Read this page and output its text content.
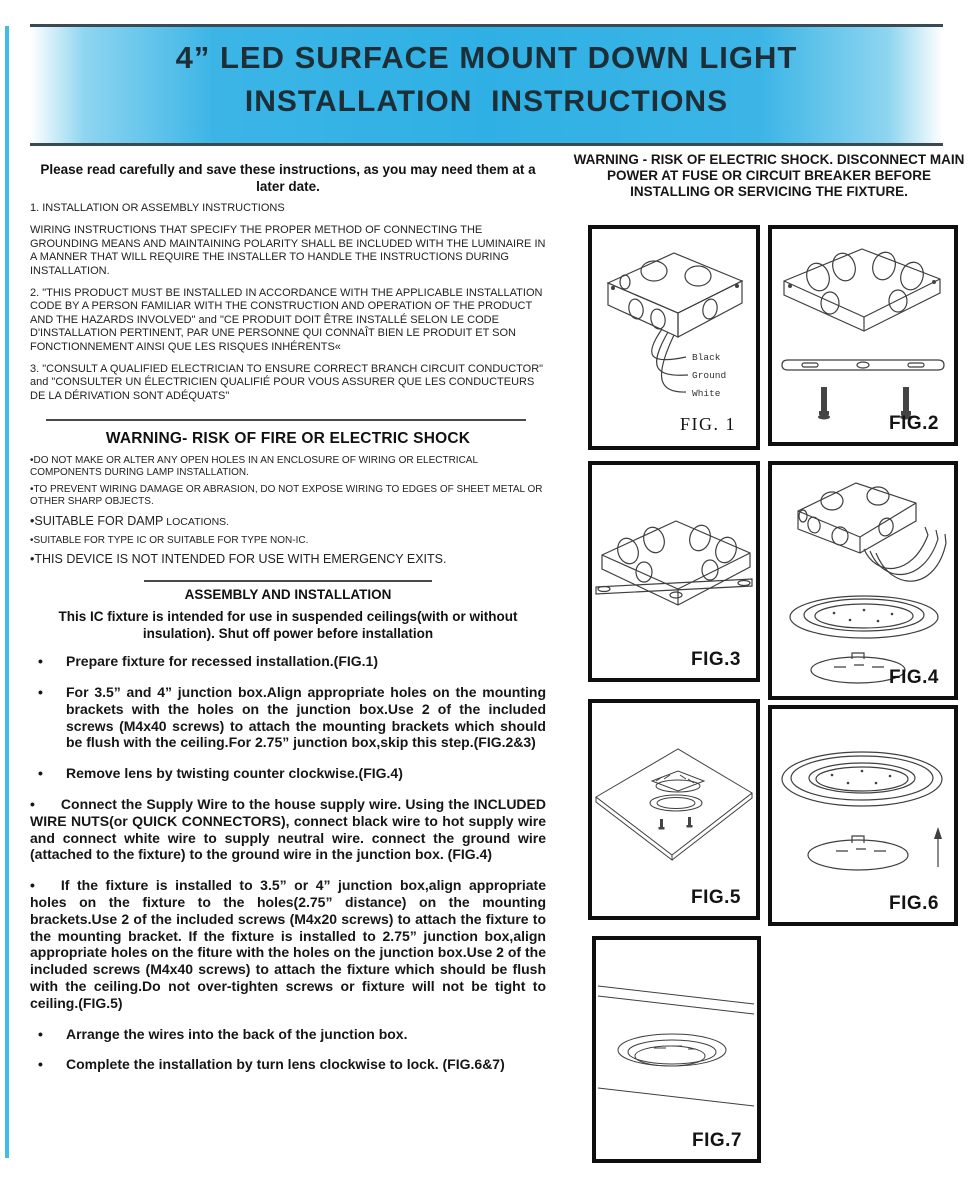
4” LED SURFACE MOUNT DOWN LIGHT
INSTALLATION  INSTRUCTIONS
Please read carefully and save these instructions, as you may need them at a later date.
1. INSTALLATION OR ASSEMBLY INSTRUCTIONS
WIRING INSTRUCTIONS THAT SPECIFY THE PROPER METHOD OF CONNECTING THE GROUNDING MEANS AND MAINTAINING POLARITY SHALL BE INCLUDED WITH THE LUMINAIRE IN A MANNER THAT WILL REQUIRE THE INSTALLER TO HANDLE THE INSTRUCTIONS DURING INSTALLATION.
2. "THIS PRODUCT MUST BE INSTALLED IN ACCORDANCE WITH THE APPLICABLE INSTALLATION CODE BY A PERSON FAMILIAR WITH THE CONSTRUCTION AND OPERATION OF THE PRODUCT AND THE HAZARDS INVOLVED" and "CE PRODUIT DOIT ÊTRE INSTALLÉ SELON LE CODE D'INSTALLATION PERTINENT, PAR UNE PERSONNE QUI CONNAÎT BIEN LE PRODUIT ET SON FONCTIONNEMENT AINSI QUE LES RISQUES INHÉRENTS«
3. "CONSULT A QUALIFIED ELECTRICIAN TO ENSURE CORRECT BRANCH CIRCUIT CONDUCTOR" and "CONSULTER UN ÉLECTRICIEN QUALIFIÉ POUR VOUS ASSURER QUE LES CONDUCTEURS DE LA DÉRIVATION SONT ADÉQUATS"
WARNING- RISK OF FIRE OR ELECTRIC SHOCK
•DO NOT MAKE OR ALTER ANY OPEN HOLES IN AN ENCLOSURE OF WIRING OR ELECTRICAL COMPONENTS DURING LAMP INSTALLATION.
•TO PREVENT WIRING DAMAGE OR ABRASION, DO NOT EXPOSE WIRING TO EDGES OF SHEET METAL OR OTHER SHARP OBJECTS.
•SUITABLE FOR DAMP LOCATIONS.
•SUITABLE FOR TYPE IC OR SUITABLE FOR TYPE NON-IC.
•THIS DEVICE IS NOT INTENDED FOR USE WITH EMERGENCY EXITS.
ASSEMBLY AND INSTALLATION
This IC fixture is intended for use in suspended ceilings(with or without insulation). Shut off power before installation
• Prepare fixture for recessed installation.(FIG.1)
• For 3.5” and 4” junction box.Align appropriate holes on the mounting brackets with the holes on the junction box.Use 2 of the included screws (M4x40 screws) to attach the mounting brackets which should be flush with the ceiling.For 2.75” junction box,skip this step.(FIG.2&3)
• Remove lens by twisting counter clockwise.(FIG.4)
• Connect the Supply Wire to the house supply wire. Using the INCLUDED WIRE NUTS(or QUICK CONNECTORS), connect black wire to hot supply wire and connect white wire to supply neutral wire. connect the ground wire (attached to the fixture) to the ground wire in the junction box. (FIG.4)
• If the fixture is installed to 3.5” or 4” junction box,align appropriate holes on the fixture to the holes(2.75” distance) on the mounting brackets.Use 2 of the included screws (M4x20 screws) to attach the fixture to the mounting bracket. If the fixture is installed to 2.75” junction box,align appropriate holes on the fiture with the holes on the junction box.Use 2 of the included screws (M4x40 screws) to attach the fixture which should be flush with the ceiling.Do not over-tighten screws or fixture will not be tight to ceiling.(FIG.5)
• Arrange the wires into the back of the junction box.
• Complete the installation by turn lens clockwise to lock. (FIG.6&7)
WARNING - RISK OF ELECTRIC SHOCK. DISCONNECT MAIN POWER AT FUSE OR CIRCUIT BREAKER BEFORE INSTALLING OR SERVICING THE FIXTURE.
Black
Ground
White
FIG. 1	FIG.2
FIG.3
FIG.4
FIG.5	FIG.6
FIG.7
